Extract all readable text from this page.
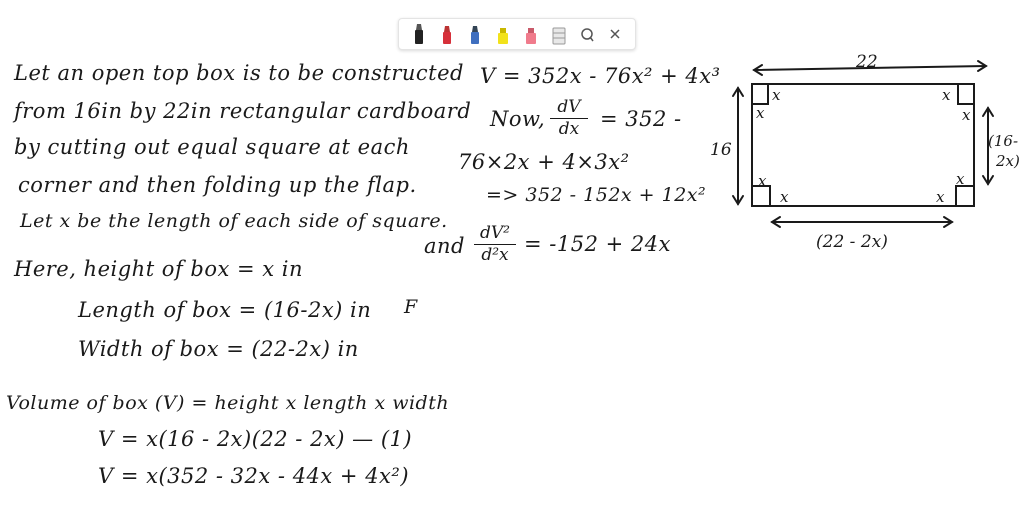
Let an open top box is to be constructed
from 16in by 22in rectangular cardboard
by cutting out equal square at each
corner and then folding up the flap.
Let x be the length of each side of square.
Here, height of box = x in
Length of box = (16-2x) in
Width of box = (22-2x) in
F
Volume of box (V) = height x length x width
V = x(16 - 2x)(22 - 2x) — (1)
V = x(352 - 32x - 44x + 4x²)
V = 352x - 76x² + 4x³
Now, dV
dx = 352 -
76×2x + 4×3x²
=> 352 - 152x + 12x²
and
dV²
d²x = -152 + 24x
22
16	(16-
2x)
(22 - 2x)
x
x
x
x
x
x
x
x
